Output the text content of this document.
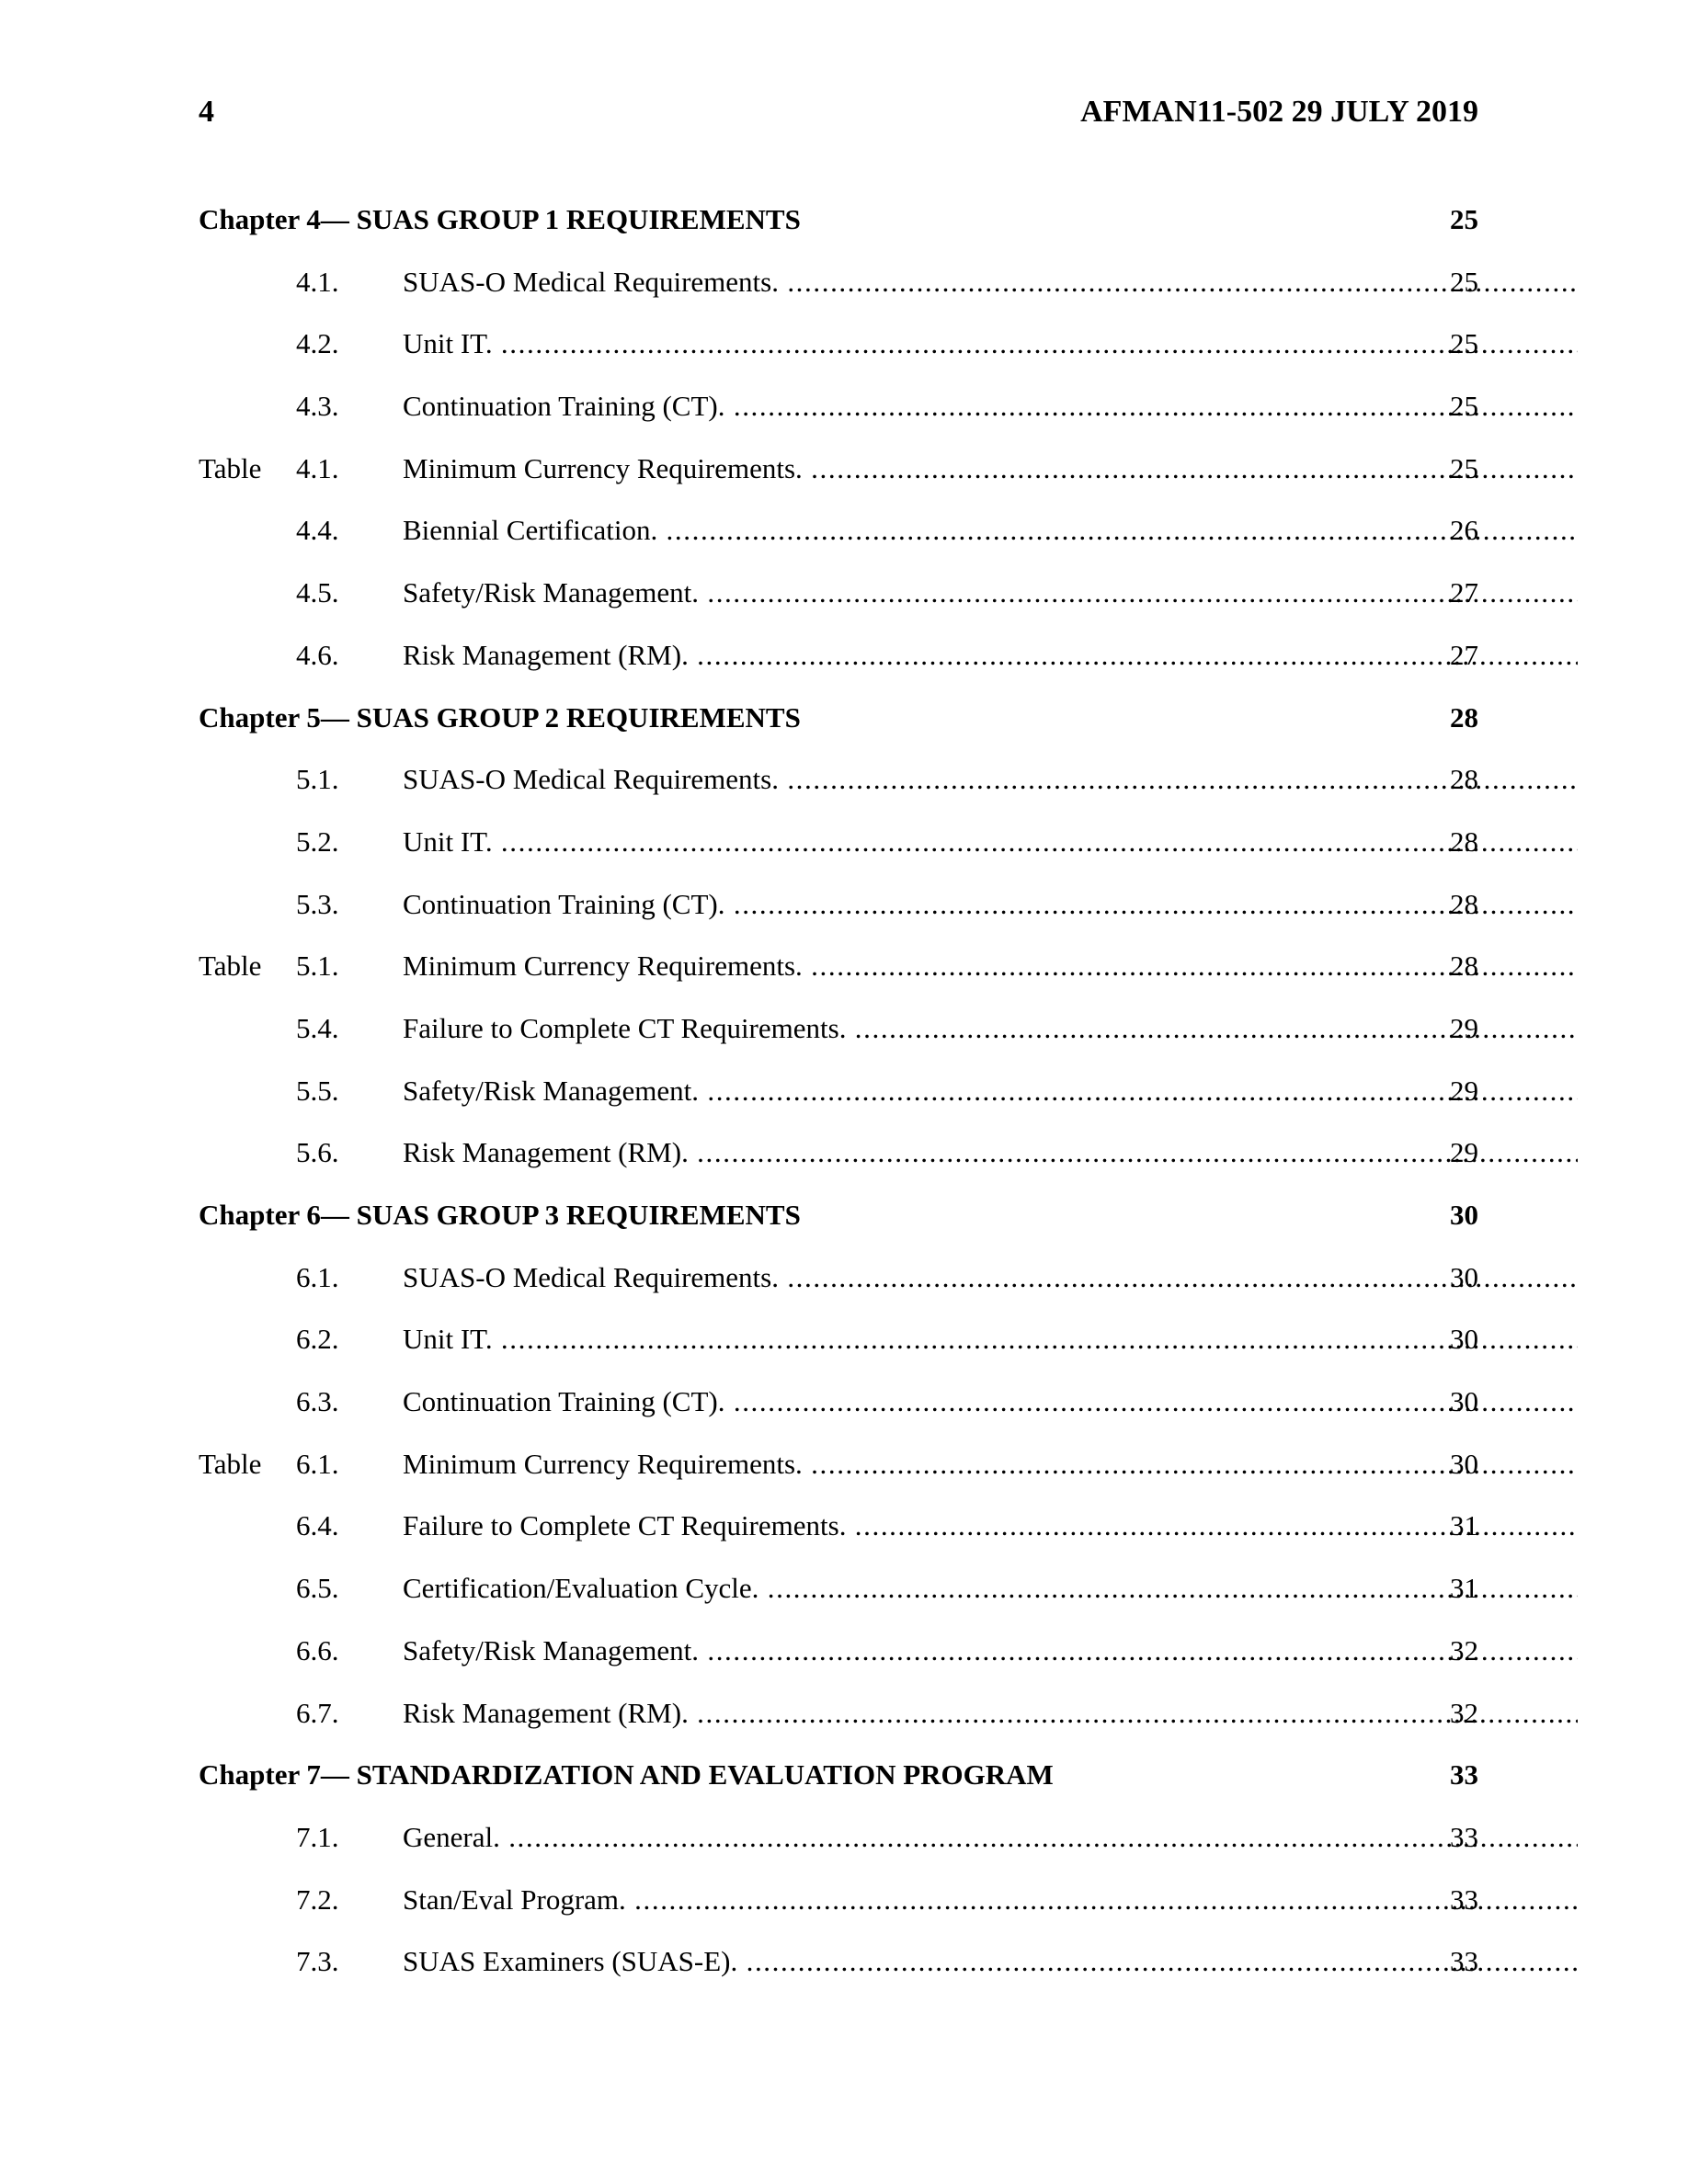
4	AFMAN11-502 29 JULY 2019
Chapter 4— SUAS GROUP 1 REQUIREMENTS	25
4.1. SUAS-O Medical Requirements. .....	25
4.2. Unit IT. .....	25
4.3. Continuation Training (CT). .....	25
Table 4.1. Minimum Currency Requirements. .....	25
4.4. Biennial Certification. .....	26
4.5. Safety/Risk Management. .....	27
4.6. Risk Management (RM). .....	27
Chapter 5— SUAS GROUP 2 REQUIREMENTS	28
5.1. SUAS-O Medical Requirements. .....	28
5.2. Unit IT. .....	28
5.3. Continuation Training (CT). .....	28
Table 5.1. Minimum Currency Requirements. .....	28
5.4. Failure to Complete CT Requirements. .....	29
5.5. Safety/Risk Management. .....	29
5.6. Risk Management (RM). .....	29
Chapter 6— SUAS GROUP 3 REQUIREMENTS	30
6.1. SUAS-O Medical Requirements. .....	30
6.2. Unit IT. .....	30
6.3. Continuation Training (CT). .....	30
Table 6.1. Minimum Currency Requirements. .....	30
6.4. Failure to Complete CT Requirements. .....	31
6.5. Certification/Evaluation Cycle. .....	31
6.6. Safety/Risk Management. .....	32
6.7. Risk Management (RM). .....	32
Chapter 7— STANDARDIZATION AND EVALUATION PROGRAM	33
7.1. General. .....	33
7.2. Stan/Eval Program. .....	33
7.3. SUAS Examiners (SUAS-E). .....	33
